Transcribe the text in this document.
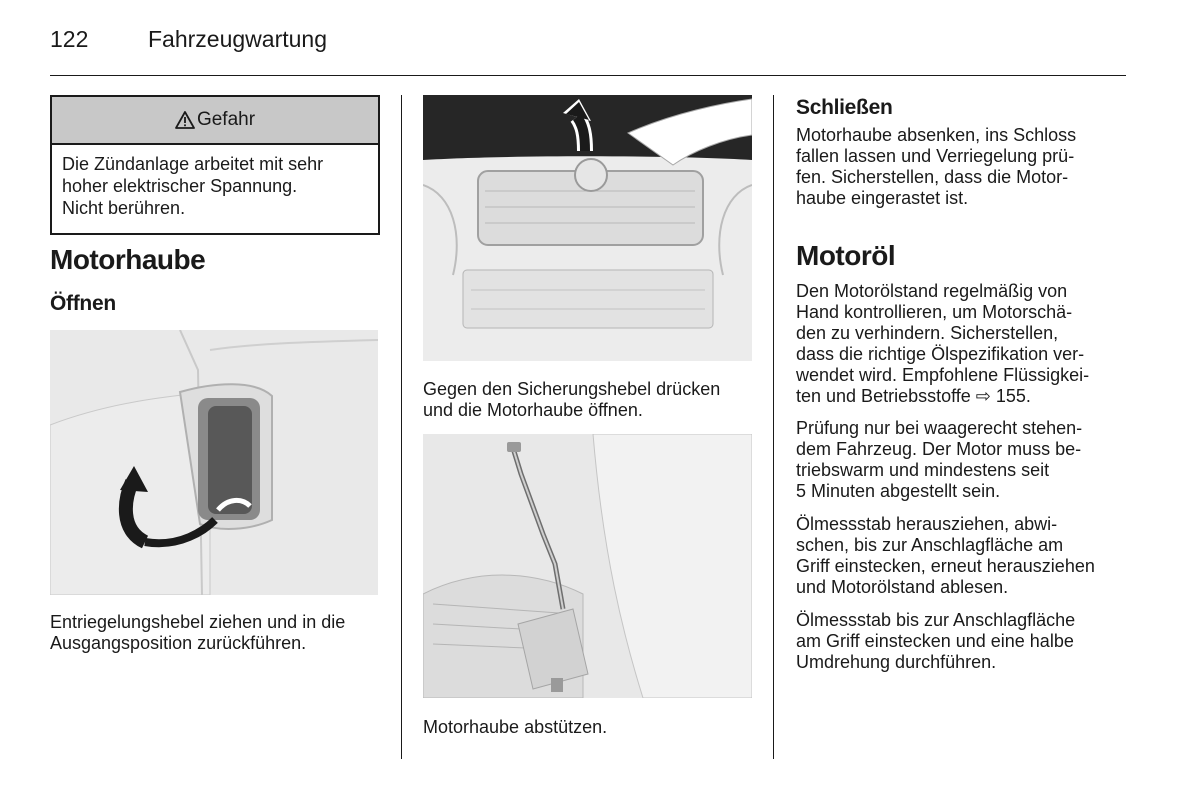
122	Fahrzeugwartung
Gefahr
Die Zündanlage arbeitet mit sehr
hoher elektrischer Spannung.
Nicht berühren.
Motorhaube
Öffnen
Entriegelungshebel ziehen und in die
Ausgangsposition zurückführen.
Gegen den Sicherungshebel drücken
und die Motorhaube öffnen.
Motorhaube abstützen.
Schließen
Motorhaube absenken, ins Schloss
fallen lassen und Verriegelung prü-
fen. Sicherstellen, dass die Motor-
haube eingerastet ist.
Motoröl
Den Motorölstand regelmäßig von
Hand kontrollieren, um Motorschä-
den zu verhindern. Sicherstellen,
dass die richtige Ölspezifikation ver-
wendet wird. Empfohlene Flüssigkei-
ten und Betriebsstoffe ⇨ 155.
Prüfung nur bei waagerecht stehen-
dem Fahrzeug. Der Motor muss be-
triebswarm und mindestens seit
5 Minuten abgestellt sein.
Ölmessstab herausziehen, abwi-
schen, bis zur Anschlagfläche am
Griff einstecken, erneut herausziehen
und Motorölstand ablesen.
Ölmessstab bis zur Anschlagfläche
am Griff einstecken und eine halbe
Umdrehung durchführen.
